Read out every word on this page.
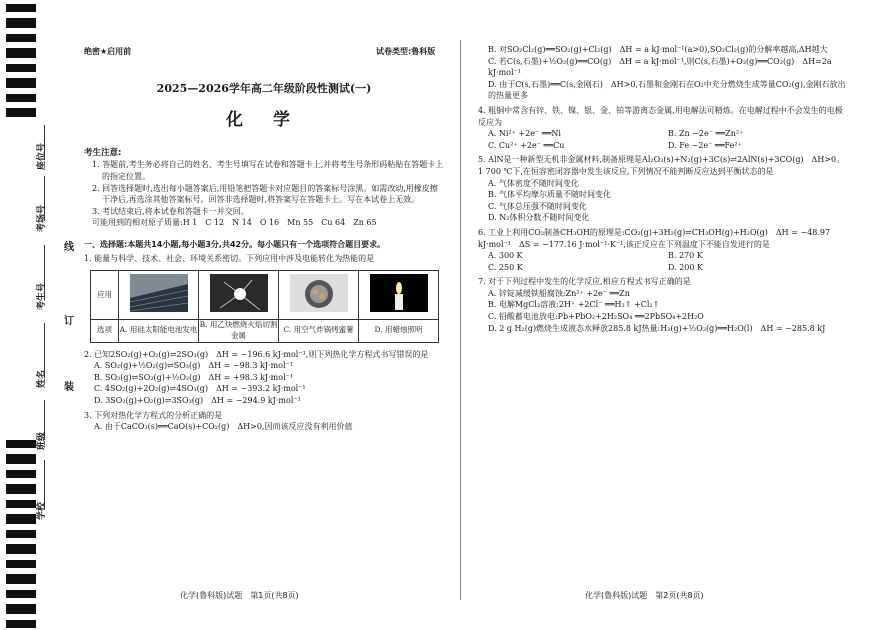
座位号
考场号
考生号
姓名
班级
学校
线
订
装
绝密★启用前	试卷类型:鲁科版
2025—2026学年高二年级阶段性测试(一)
化 学
考生注意:
1. 答题前,考生务必将自己的姓名、考生号填写在试卷和答题卡上,并将考生号条形码粘贴在答题卡上的指定位置。
2. 回答选择题时,选出每小题答案后,用铅笔把答题卡对应题目的答案标号涂黑。如需改动,用橡皮擦干净后,再选涂其他答案标号。回答非选择题时,将答案写在答题卡上。写在本试卷上无效。
3. 考试结束后,将本试卷和答题卡一并交回。
可能用到的相对原子质量:H 1　C 12　N 14　O 16　Mn 55　Cu 64　Zn 65
一、选择题:本题共14小题,每小题3分,共42分。每小题只有一个选项符合题目要求。
1. 能量与科学、技术、社会、环境关系密切。下列应用中涉及电能转化为热能的是
应用				
选项	A. 用硅太阳能电池发电	B. 用乙炔燃烧火焰切割金属	C. 用空气炸锅烤蜜薯	D. 用蜡烛照明
2. 已知2SO₂(g)+O₂(g)⇌2SO₃(g)　ΔH = −196.6 kJ·mol⁻¹,则下列热化学方程式书写错误的是
A. SO₂(g)+½O₂(g)⇌SO₃(g)　ΔH = −98.3 kJ·mol⁻¹
B. SO₃(g)⇌SO₂(g)+½O₂(g)　ΔH = +98.3 kJ·mol⁻¹
C. 4SO₂(g)+2O₂(g)⇌4SO₃(g)　ΔH = −393.2 kJ·mol⁻¹
D. 3SO₂(g)+O₂(g)⇌3SO₃(g)　ΔH = −294.9 kJ·mol⁻¹
3. 下列对热化学方程式的分析正确的是
A. 由于CaCO₃(s)══CaO(s)+CO₂(g)　ΔH>0,因而该反应没有利用价值
B. 对SO₂Cl₂(g)══SO₂(g)+Cl₂(g)　ΔH = a kJ·mol⁻¹(a>0),SO₂Cl₂(g)的分解率越高,ΔH越大
C. 若C(s,石墨)+½O₂(g)══CO(g)　ΔH = a kJ·mol⁻¹,则C(s,石墨)+O₂(g)══CO₂(g)　ΔH=2a kJ·mol⁻¹
D. 由于C(s,石墨)══C(s,金刚石)　ΔH>0,石墨和金刚石在O₂中充分燃烧生成等量CO₂(g),金刚石放出的热量更多
4. 粗铜中常含有锌、铁、镍、银、金、铂等游离态金属,用电解法可精炼。在电解过程中不会发生的电极反应为
A. Ni²⁺ +2e⁻ ══Ni	B. Zn −2e⁻ ══Zn²⁺
C. Cu²⁺ +2e⁻ ══Cu	D. Fe −2e⁻ ══Fe²⁺
5. AlN是一种新型无机非金属材料,制备原理是Al₂O₃(s)+N₂(g)+3C(s)⇌2AlN(s)+3CO(g)　ΔH>0。1 700 ℃下,在恒容密闭容器中发生该反应,下列情况不能判断反应达到平衡状态的是
A. 气体密度不随时间变化
B. 气体平均摩尔质量不随时间变化
C. 气体总压强不随时间变化
D. N₂体积分数不随时间变化
6. 工业上利用CO₂制备CH₃OH的原理是:CO₂(g)+3H₂(g)⇌CH₃OH(g)+H₂O(g)　ΔH = −48.97 kJ·mol⁻¹　ΔS = −177.16 J·mol⁻¹·K⁻¹,该正反应在下列温度下不能自发进行的是
A. 300 K	B. 270 K
C. 250 K	D. 200 K
7. 对于下列过程中发生的化学反应,相应方程式书写正确的是
A. 锌锭减缓铁船腐蚀:Zn²⁺ +2e⁻ ══Zn
B. 电解MgCl₂溶液:2H⁺ +2Cl⁻ ══H₂↑ +Cl₂↑
C. 铅酸蓄电池放电:Pb+PbO₂+2H₂SO₄ ══2PbSO₄+2H₂O
D. 2 g H₂(g)燃烧生成液态水释放285.8 kJ热量:H₂(g)+½O₂(g)══H₂O(l)　ΔH = −285.8 kJ
化学(鲁科版)试题　第1页(共8页)	化学(鲁科版)试题　第2页(共8页)
